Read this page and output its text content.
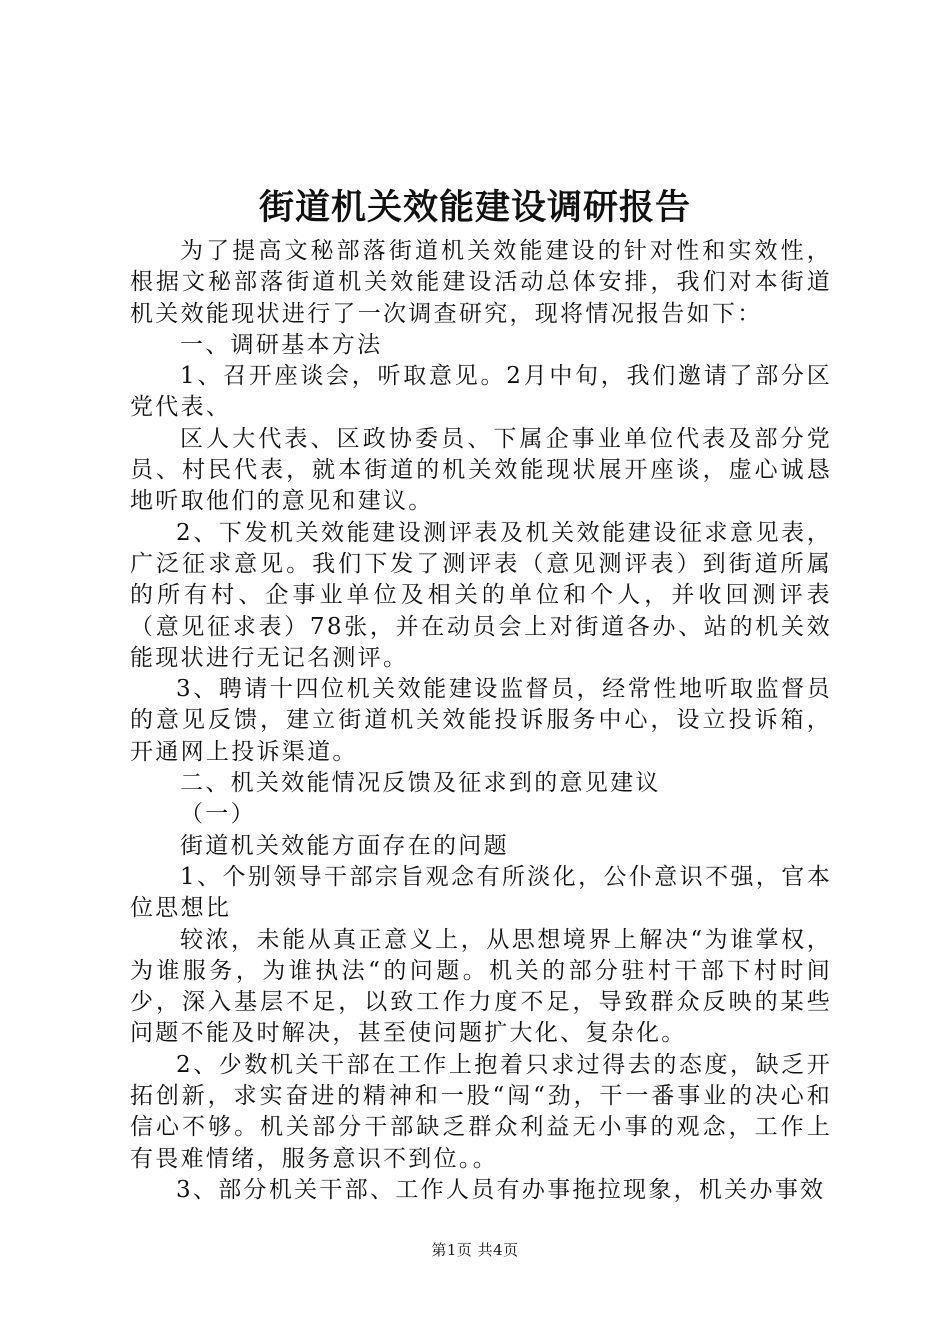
街道机关效能建设调研报告

为了提高文秘部落街道机关效能建设的针对性和实效性，根据文秘部落街道机关效能建设活动总体安排，我们对本街道机关效能现状进行了一次调查研究，现将情况报告如下：

一、调研基本方法

1、召开座谈会，听取意见。2月中旬，我们邀请了部分区党代表、

区人大代表、区政协委员、下属企事业单位代表及部分党员、村民代表，就本街道的机关效能现状展开座谈，虚心诚恳地听取他们的意见和建议。

2、下发机关效能建设测评表及机关效能建设征求意见表，广泛征求意见。我们下发了测评表（意见测评表）到街道所属的所有村、企事业单位及相关的单位和个人，并收回测评表（意见征求表）78张，并在动员会上对街道各办、站的机关效能现状进行无记名测评。

3、聘请十四位机关效能建设监督员，经常性地听取监督员的意见反馈，建立街道机关效能投诉服务中心，设立投诉箱，开通网上投诉渠道。

二、机关效能情况反馈及征求到的意见建议

（一）

街道机关效能方面存在的问题

1、个别领导干部宗旨观念有所淡化，公仆意识不强，官本位思想比

较浓，未能从真正意义上，从思想境界上解决“为谁掌权，为谁服务，为谁执法“的问题。机关的部分驻村干部下村时间少，深入基层不足，以致工作力度不足，导致群众反映的某些问题不能及时解决，甚至使问题扩大化、复杂化。

2、少数机关干部在工作上抱着只求过得去的态度，缺乏开拓创新，求实奋进的精神和一股“闯“劲，干一番事业的决心和信心不够。机关部分干部缺乏群众利益无小事的观念，工作上有畏难情绪，服务意识不到位。。

3、部分机关干部、工作人员有办事拖拉现象，机关办事效

第1页 共4页
